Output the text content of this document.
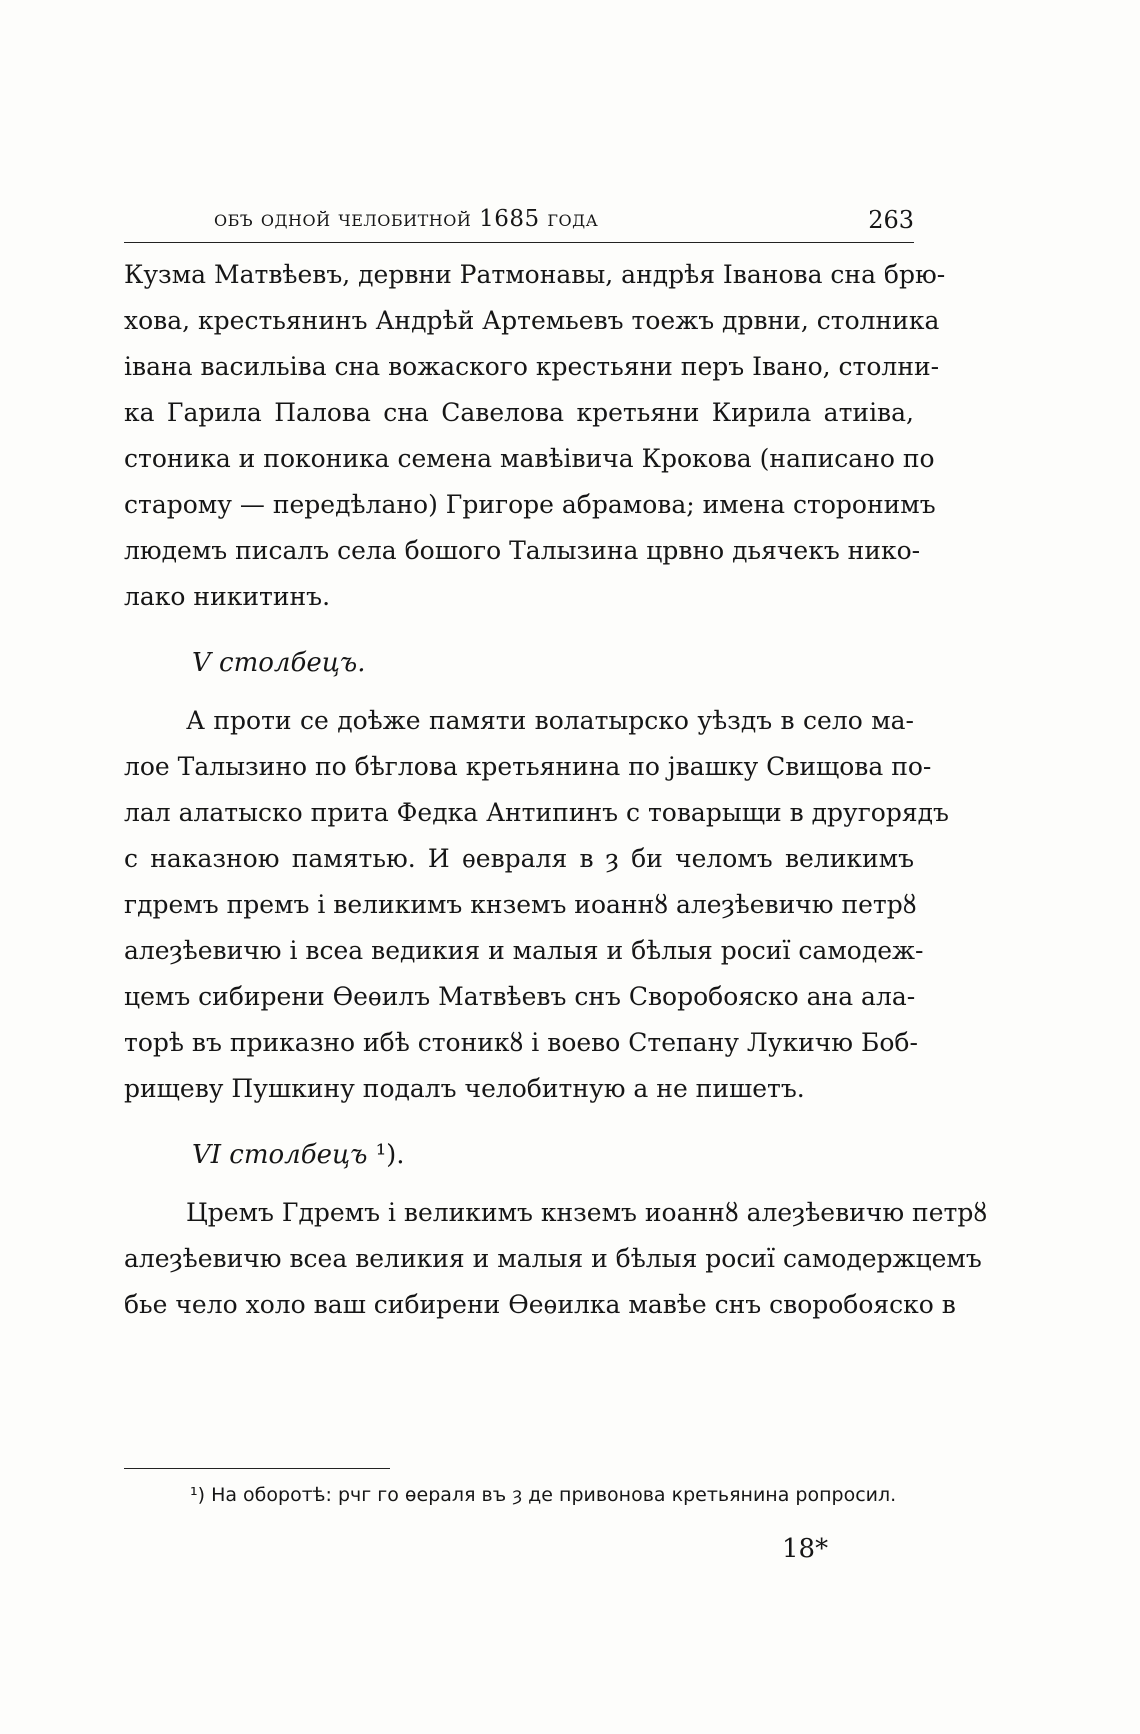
объ одной челобитной 1685 года	263
Кузма Матвѣевъ, дервни Ратмонавы, андрѣя Іванова сна брю-
хова, крестьянинъ Андрѣй Артемьевъ тоежъ дрвни, столника
івана васильіва сна вожаского крестьяни перъ Івано, столни-
ка Гарила Палова сна Савелова кретьяни Кирила атиіва,
стоника и поконика семена мавѣівича Крокова (написано по
старому — передѣлано) Григоре абрамова; имена сторонимъ
людемъ писалъ села бошого Талызина црвно дьячекъ нико-
лако никитинъ.
V столбецъ.
А проти се доѣже памяти волатырско уѣздъ в село ма-
лое Талызино по бѣглова кретьянина по јвашку Свищова по-
лал алатыско прита Федка Антипинъ с товарыщи в другорядъ
с наказною памятью. И ѳевраля в ȝ би челомъ великимъ
гдремъ премъ і великимъ кнземъ иоаннȣ алеȝѣевичю петрȣ
алеȝѣевичю і всеа ведикия и малыя и бѣлыя росиї самодеж-
цемъ сибирени Ѳеѳилъ Матвѣевъ снъ Своробояско ана ала-
торѣ въ приказно ибѣ стоникȣ і воево Степану Лукичю Боб-
рищеву Пушкину подалъ челобитную а не пишетъ.
VI столбецъ ¹).
Цремъ Гдремъ і великимъ кнземъ иоаннȣ алеȝѣевичю петрȣ
алеȝѣевичю всеа великия и малыя и бѣлыя росиї самодержцемъ
бье чело холо ваш сибирени Ѳеѳилка мавѣе снъ своробояско в
¹) На оборотѣ: рчг го ѳераля въ ȝ де привонова кретьянина ропросил.
18*
